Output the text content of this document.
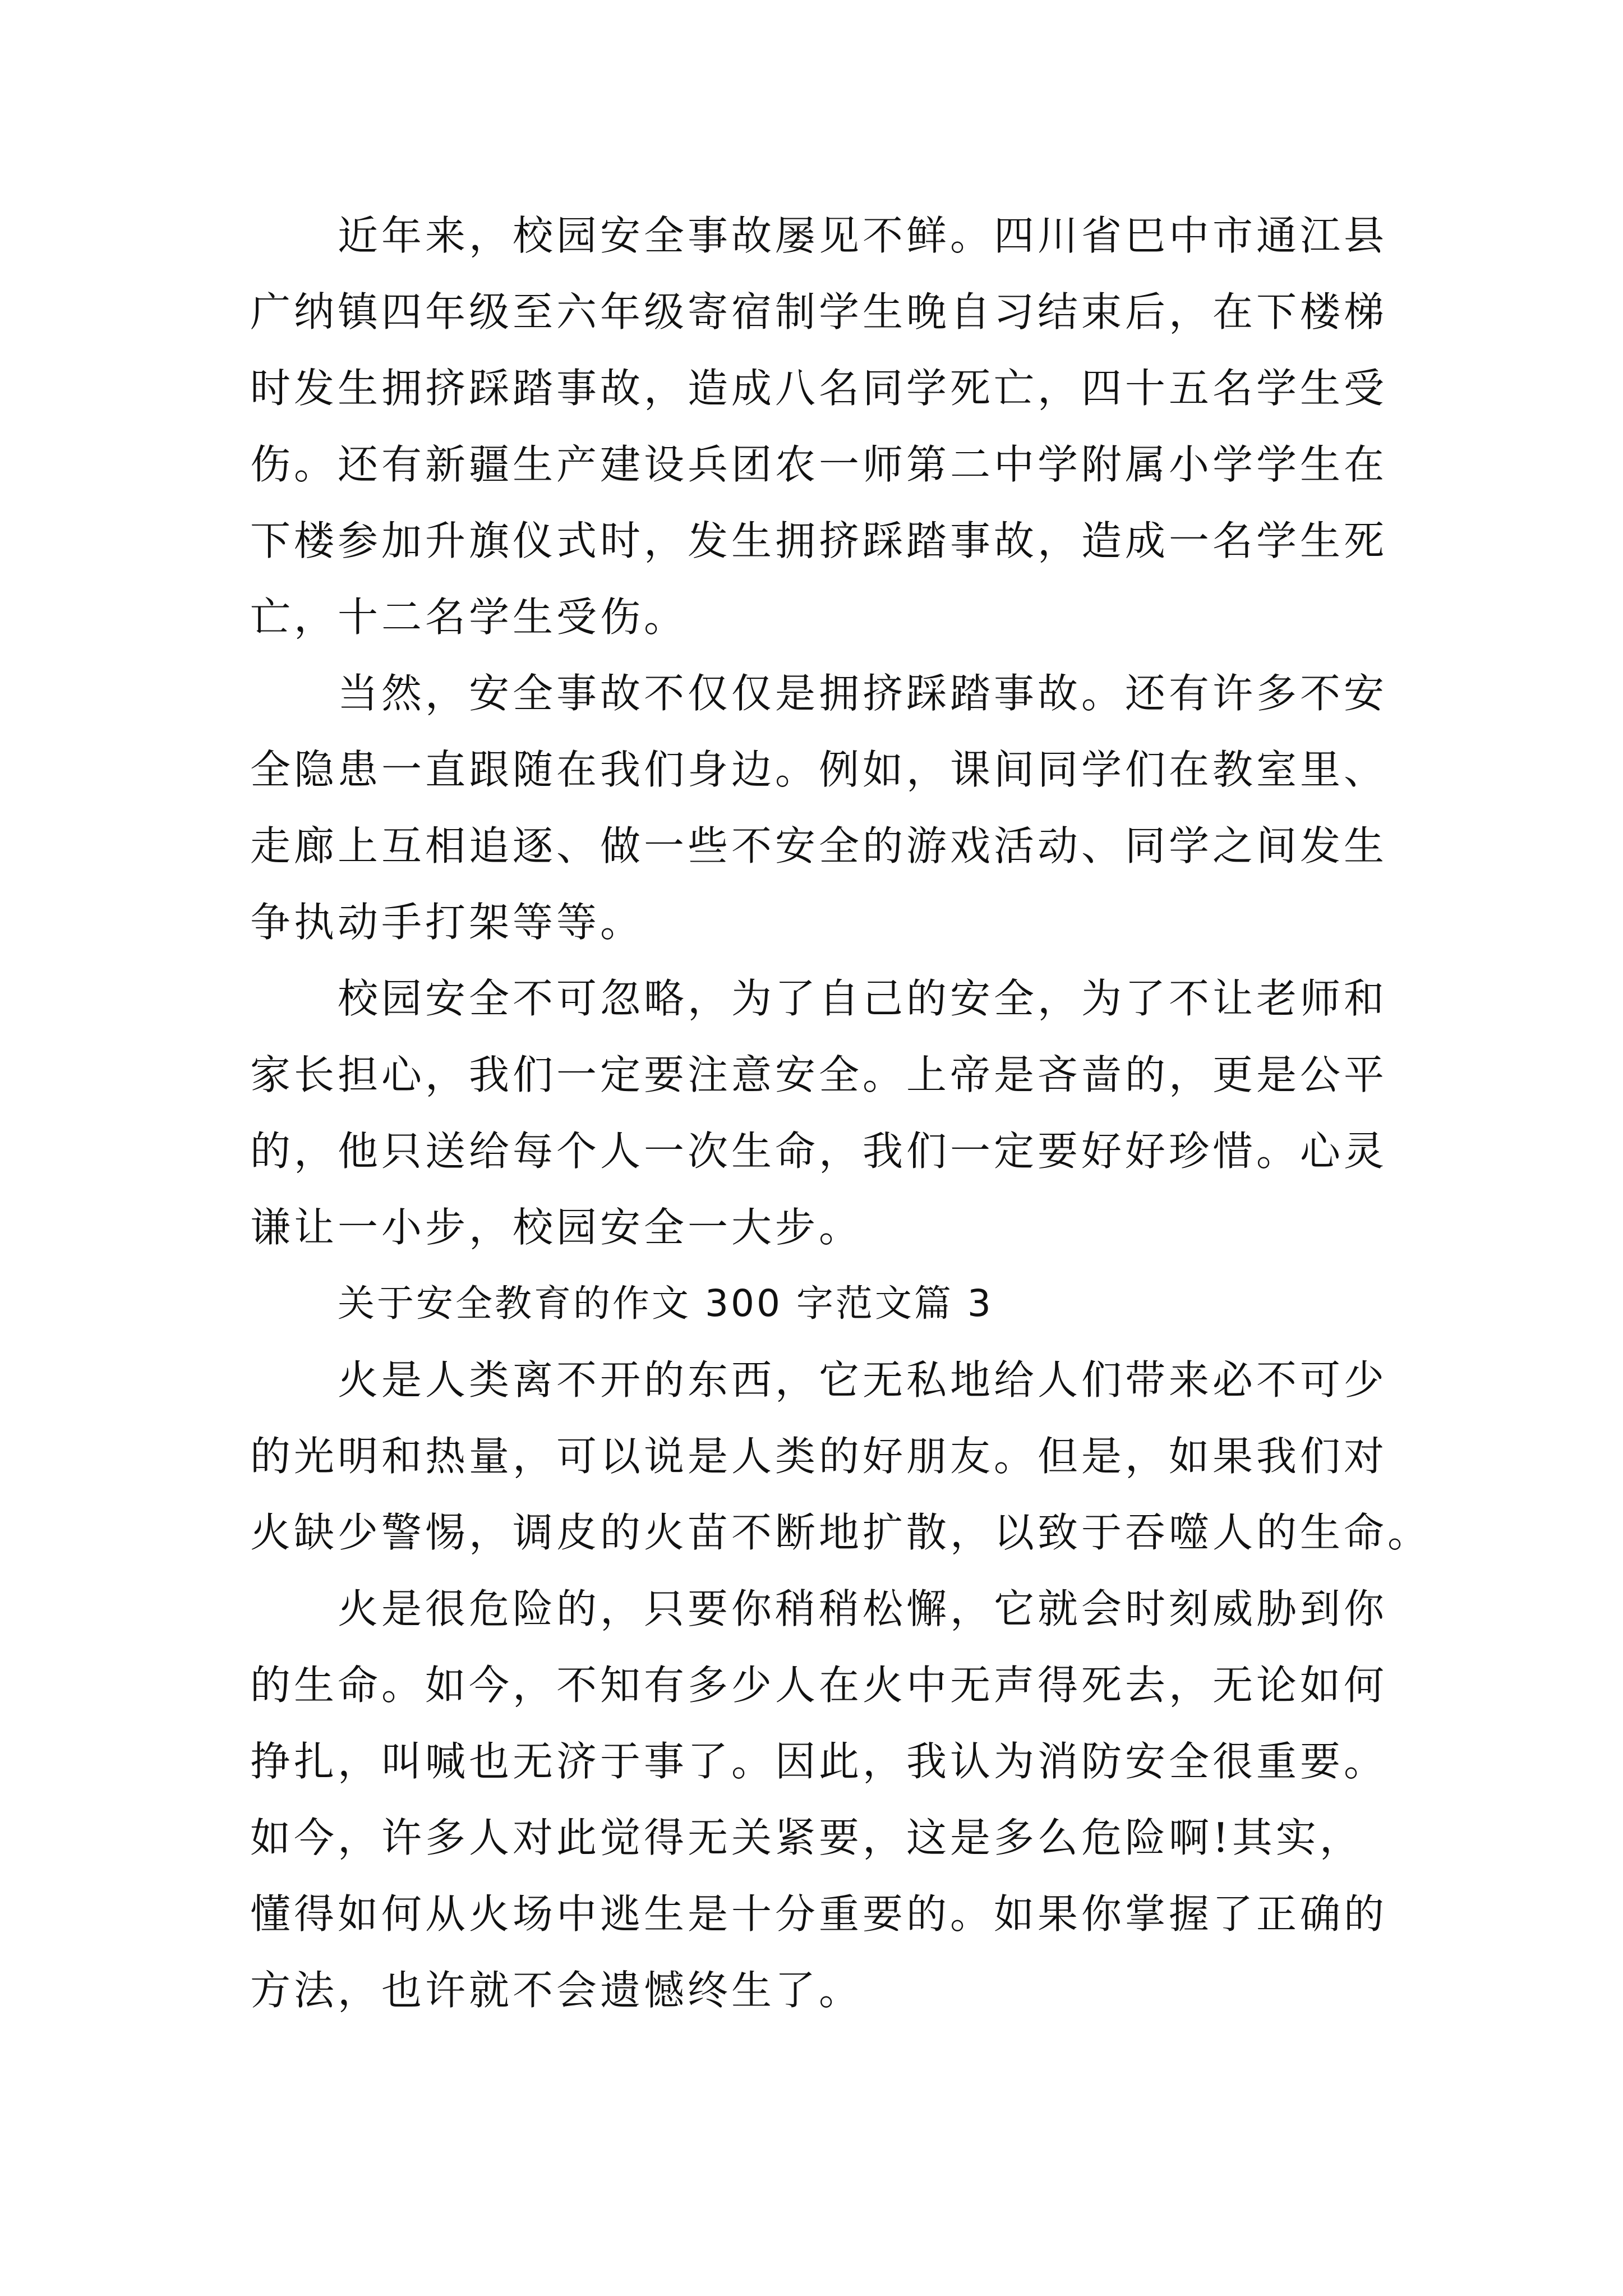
近年来，校园安全事故屡见不鲜。四川省巴中市通江县
广纳镇四年级至六年级寄宿制学生晚自习结束后，在下楼梯
时发生拥挤踩踏事故，造成八名同学死亡，四十五名学生受
伤。还有新疆生产建设兵团农一师第二中学附属小学学生在
下楼参加升旗仪式时，发生拥挤踩踏事故，造成一名学生死
亡，十二名学生受伤。
当然，安全事故不仅仅是拥挤踩踏事故。还有许多不安
全隐患一直跟随在我们身边。例如，课间同学们在教室里、
走廊上互相追逐、做一些不安全的游戏活动、同学之间发生
争执动手打架等等。
校园安全不可忽略，为了自己的安全，为了不让老师和
家长担心，我们一定要注意安全。上帝是吝啬的，更是公平
的，他只送给每个人一次生命，我们一定要好好珍惜。心灵
谦让一小步，校园安全一大步。
关于安全教育的作文 300 字范文篇 3
火是人类离不开的东西，它无私地给人们带来必不可少
的光明和热量，可以说是人类的好朋友。但是，如果我们对
火缺少警惕，调皮的火苗不断地扩散，以致于吞噬人的生命。
火是很危险的，只要你稍稍松懈，它就会时刻威胁到你
的生命。如今，不知有多少人在火中无声得死去，无论如何
挣扎，叫喊也无济于事了。因此，我认为消防安全很重要。
如今，许多人对此觉得无关紧要，这是多么危险啊!其实，
懂得如何从火场中逃生是十分重要的。如果你掌握了正确的
方法，也许就不会遗憾终生了。
